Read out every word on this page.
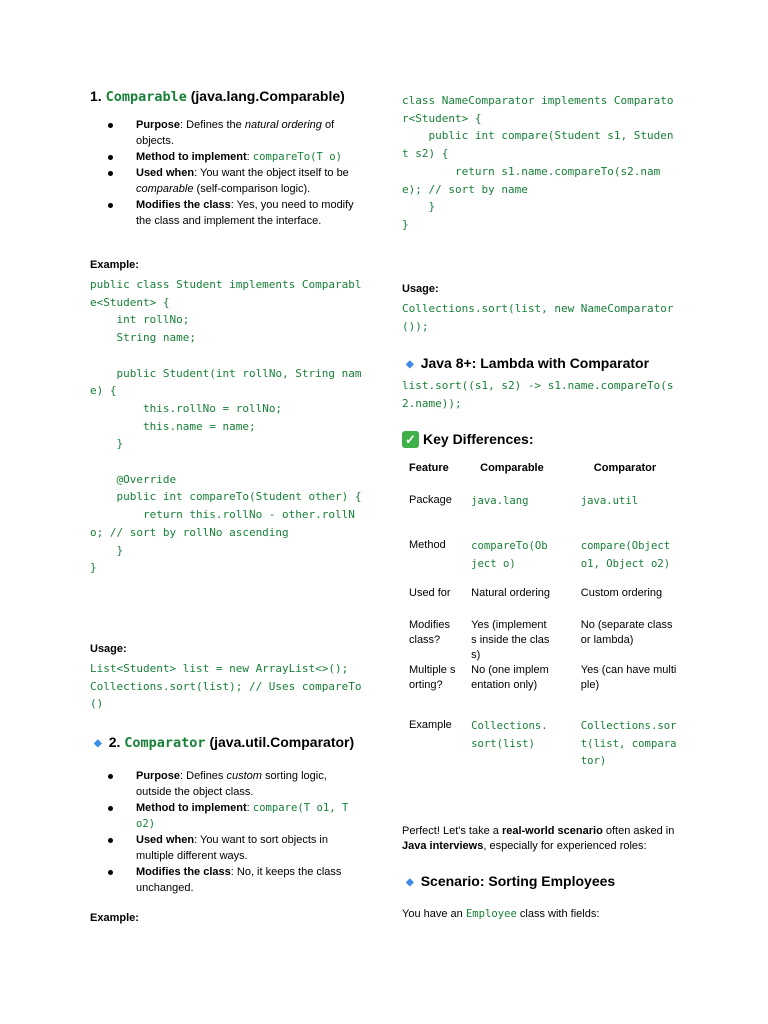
1. Comparable (java.lang.Comparable)
Purpose: Defines the natural ordering of objects.
Method to implement: compareTo(T o)
Used when: You want the object itself to be comparable (self-comparison logic).
Modifies the class: Yes, you need to modify the class and implement the interface.
Example:
public class Student implements Comparable<Student> {
int rollNo;
String name;

public Student(int rollNo, String name) {
this.rollNo = rollNo;
this.name = name;
}

@Override
public int compareTo(Student other) {
return this.rollNo - other.rollNo; // sort by rollNo ascending
}
}
Usage:
List<Student> list = new ArrayList<>();
Collections.sort(list); // Uses compareTo()
◆ 2. Comparator (java.util.Comparator)
Purpose: Defines custom sorting logic, outside the object class.
Method to implement: compare(T o1, T o2)
Used when: You want to sort objects in multiple different ways.
Modifies the class: No, it keeps the class unchanged.
Example:
class NameComparator implements Comparator<Student> {
public int compare(Student s1, Student s2) {
return s1.name.compareTo(s2.name); // sort by name
}
}
Usage:
Collections.sort(list, new NameComparator());
◆ Java 8+: Lambda with Comparator
list.sort((s1, s2) -> s1.name.compareTo(s2.name));
✓ Key Differences:
Feature	Comparable	Comparator

Package	java.lang	java.util

Method	compareTo(Object o)	compare(Object o1, Object o2)

Used for	Natural ordering	Custom ordering

Modifies class?	Yes (implements inside the class)	No (separate class or lambda)

Multiple sorting?	No (one implementation only)	Yes (can have multiple)

Example	Collections.sort(list)	Collections.sort(list, comparator)
Perfect! Let's take a real-world scenario often asked in Java interviews, especially for experienced roles:
◆ Scenario: Sorting Employees
You have an Employee class with fields:
